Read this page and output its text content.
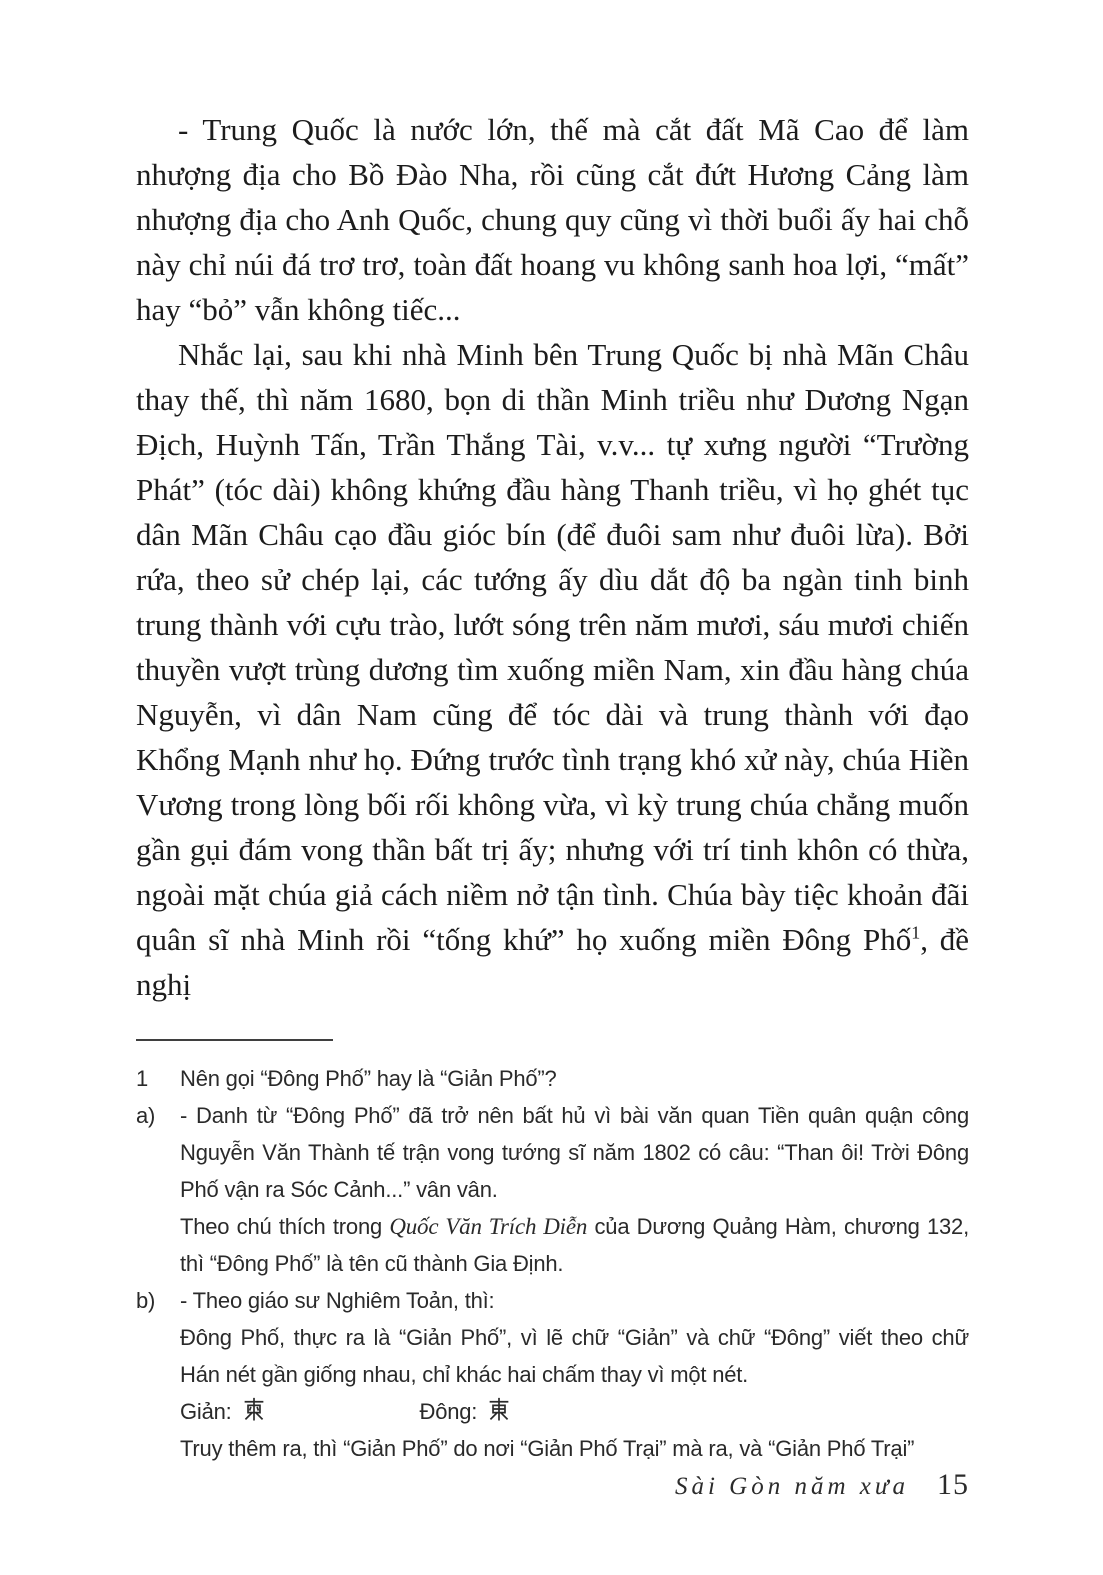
- Trung Quốc là nước lớn, thế mà cắt đất Mã Cao để làm nhượng địa cho Bồ Đào Nha, rồi cũng cắt đứt Hương Cảng làm nhượng địa cho Anh Quốc, chung quy cũng vì thời buổi ấy hai chỗ này chỉ núi đá trơ trơ, toàn đất hoang vu không sanh hoa lợi, “mất” hay “bỏ” vẫn không tiếc...

Nhắc lại, sau khi nhà Minh bên Trung Quốc bị nhà Mãn Châu thay thế, thì năm 1680, bọn di thần Minh triều như Dương Ngạn Địch, Huỳnh Tấn, Trần Thắng Tài, v.v... tự xưng người “Trường Phát” (tóc dài) không khứng đầu hàng Thanh triều, vì họ ghét tục dân Mãn Châu cạo đầu gióc bín (để đuôi sam như đuôi lừa). Bởi rứa, theo sử chép lại, các tướng ấy dìu dắt độ ba ngàn tinh binh trung thành với cựu trào, lướt sóng trên năm mươi, sáu mươi chiến thuyền vượt trùng dương tìm xuống miền Nam, xin đầu hàng chúa Nguyễn, vì dân Nam cũng để tóc dài và trung thành với đạo Khổng Mạnh như họ. Đứng trước tình trạng khó xử này, chúa Hiền Vương trong lòng bối rối không vừa, vì kỳ trung chúa chẳng muốn gần gụi đám vong thần bất trị ấy; nhưng với trí tinh khôn có thừa, ngoài mặt chúa giả cách niềm nở tận tình. Chúa bày tiệc khoản đãi quân sĩ nhà Minh rồi “tống khứ” họ xuống miền Đông Phố$^1$, đề nghị

1	Nên gọi “Đông Phố” hay là “Giản Phố”?
a)	- Danh từ “Đông Phố” đã trở nên bất hủ vì bài văn quan Tiền quân quận công Nguyễn Văn Thành tế trận vong tướng sĩ năm 1802 có câu: “Than ôi! Trời Đông Phố vận ra Sóc Cảnh...” vân vân.
Theo chú thích trong Quốc Văn Trích Diễn của Dương Quảng Hàm, chương 132, thì “Đông Phố” là tên cũ thành Gia Định.
b)	- Theo giáo sư Nghiêm Toản, thì:
Đông Phố, thực ra là “Giản Phố”, vì lẽ chữ “Giản” và chữ “Đông” viết theo chữ Hán nét gần giống nhau, chỉ khác hai chấm thay vì một nét.
Giản:	Đông:
Truy thêm ra, thì “Giản Phố” do nơi “Giản Phố Trại” mà ra, và “Giản Phố Trại”
Sài Gòn năm xưa 15
